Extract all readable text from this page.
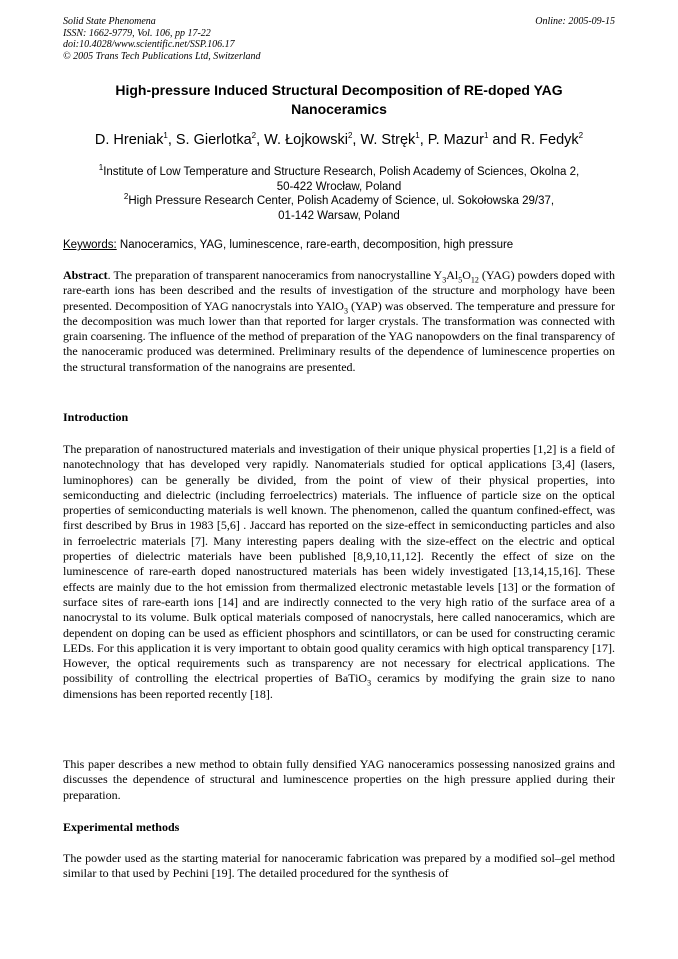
Solid State Phenomena
ISSN: 1662-9779, Vol. 106, pp 17-22
doi:10.4028/www.scientific.net/SSP.106.17
© 2005 Trans Tech Publications Ltd, Switzerland
Online: 2005-09-15
High-pressure Induced Structural Decomposition of RE-doped YAG
Nanoceramics
D. Hreniak$^1$, S. Gierlotka$^2$, W. Łojkowski$^2$, W. Stręk$^1$, P. Mazur$^1$ and R. Fedyk$^2$
$^1$Institute of Low Temperature and Structure Research, Polish Academy of Sciences, Okolna 2,
50-422 Wrocław, Poland
$^2$High Pressure Research Center, Polish Academy of Science, ul. Sokołowska 29/37,
01-142 Warsaw, Poland
Keywords: Nanoceramics, YAG, luminescence, rare-earth, decomposition, high pressure
Abstract. The preparation of transparent nanoceramics from nanocrystalline $Y_3Al_5O_{12}$ (YAG) powders doped with rare-earth ions has been described and the results of investigation of the structure and morphology have been presented. Decomposition of YAG nanocrystals into YAlO$_3$ (YAP) was observed. The temperature and pressure for the decomposition was much lower than that reported for larger crystals. The transformation was connected with grain coarsening. The influence of the method of preparation of the YAG nanopowders on the final transparency of the nanoceramic produced was determined. Preliminary results of the dependence of luminescence properties on the structural transformation of the nanograins are presented.
Introduction
The preparation of nanostructured materials and investigation of their unique physical properties [1,2] is a field of nanotechnology that has developed very rapidly. Nanomaterials studied for optical applications [3,4] (lasers, luminophores) can be generally be divided, from the point of view of their physical properties, into semiconducting and dielectric (including ferroelectrics) materials. The influence of particle size on the optical properties of semiconducting materials is well known. The phenomenon, called the quantum confined-effect, was first described by Brus in 1983 [5,6] . Jaccard has reported on the size-effect in semiconducting particles and also in ferroelectric materials [7]. Many interesting papers dealing with the size-effect on the electric and optical properties of dielectric materials have been published [8,9,10,11,12]. Recently the effect of size on the luminescence of rare-earth doped nanostructured materials has been widely investigated [13,14,15,16]. These effects are mainly due to the hot emission from thermalized electronic metastable levels [13] or the formation of surface sites of rare-earth ions [14] and are indirectly connected to the very high ratio of the surface area of a nanocrystal to its volume. Bulk optical materials composed of nanocrystals, here called nanoceramics, which are dependent on doping can be used as efficient phosphors and scintillators, or can be used for constructing ceramic LEDs. For this application it is very important to obtain good quality ceramics with high optical transparency [17]. However, the optical requirements such as transparency are not necessary for electrical applications. The possibility of controlling the electrical properties of BaTiO$_3$ ceramics by modifying the grain size to nano dimensions has been reported recently [18].
This paper describes a new method to obtain fully densified YAG nanoceramics possessing nanosized grains and discusses the dependence of structural and luminescence properties on the high pressure applied during their preparation.
Experimental methods
The powder used as the starting material for nanoceramic fabrication was prepared by a modified sol–gel method similar to that used by Pechini [19]. The detailed procedured for the synthesis of
